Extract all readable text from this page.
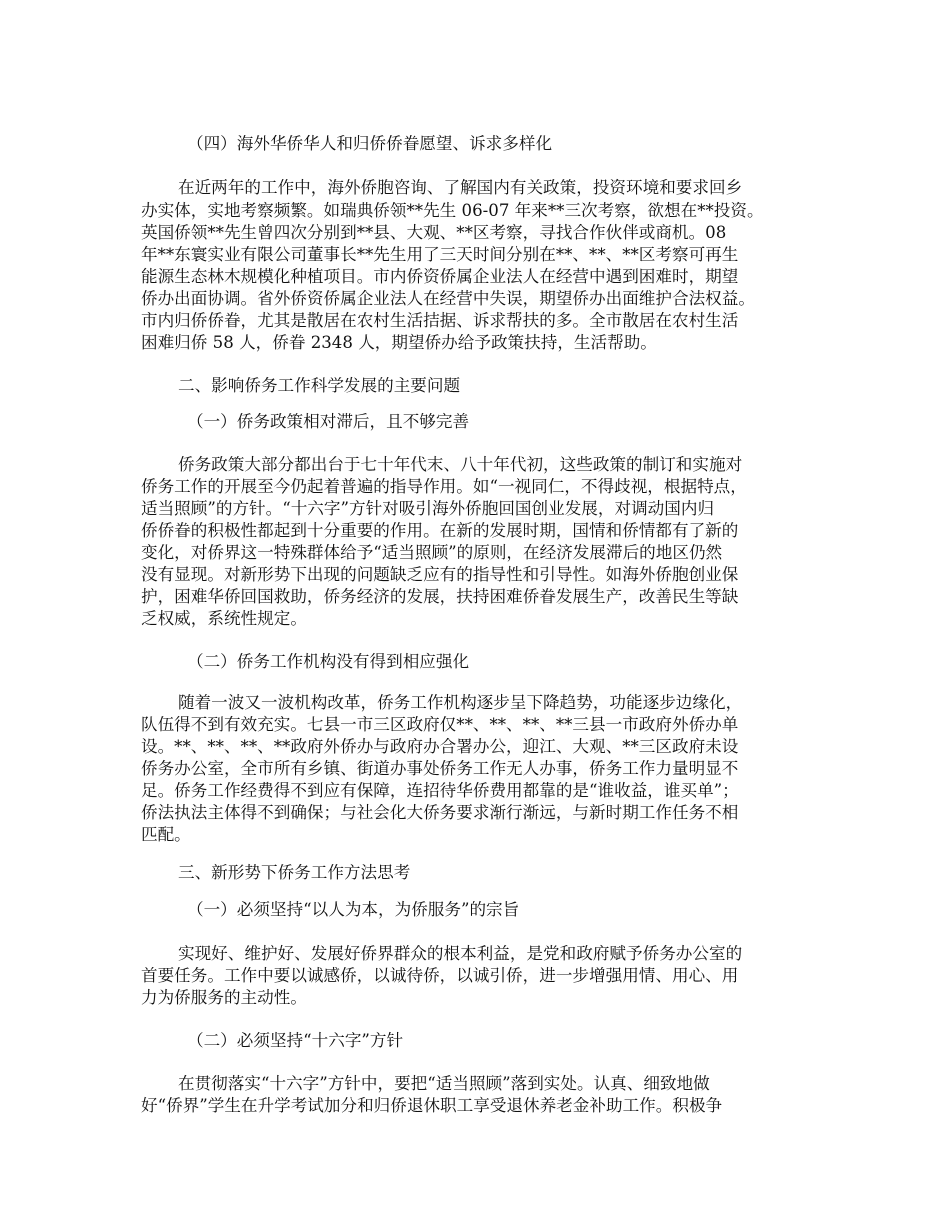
（四）海外华侨华人和归侨侨眷愿望、诉求多样化

在近两年的工作中，海外侨胞咨询、了解国内有关政策，投资环境和要求回乡

办实体，实地考察频繁。如瑞典侨领**先生 06-07 年来**三次考察，欲想在**投资。

英国侨领**先生曾四次分别到**县、大观、**区考察，寻找合作伙伴或商机。08

年**东寰实业有限公司董事长**先生用了三天时间分别在**、**、**区考察可再生

能源生态林木规模化种植项目。市内侨资侨属企业法人在经营中遇到困难时，期望

侨办出面协调。省外侨资侨属企业法人在经营中失误，期望侨办出面维护合法权益。

市内归侨侨眷，尤其是散居在农村生活拮据、诉求帮扶的多。全市散居在农村生活

困难归侨 58 人，侨眷 2348 人，期望侨办给予政策扶持，生活帮助。

二、影响侨务工作科学发展的主要问题

（一）侨务政策相对滞后，且不够完善

侨务政策大部分都出台于七十年代末、八十年代初，这些政策的制订和实施对

侨务工作的开展至今仍起着普遍的指导作用。如“一视同仁，不得歧视，根据特点，

适当照顾”的方针。“十六字”方针对吸引海外侨胞回国创业发展，对调动国内归

侨侨眷的积极性都起到十分重要的作用。在新的发展时期，国情和侨情都有了新的

变化，对侨界这一特殊群体给予“适当照顾”的原则，在经济发展滞后的地区仍然

没有显现。对新形势下出现的问题缺乏应有的指导性和引导性。如海外侨胞创业保

护，困难华侨回国救助，侨务经济的发展，扶持困难侨眷发展生产，改善民生等缺

乏权威，系统性规定。

（二）侨务工作机构没有得到相应强化

随着一波又一波机构改革，侨务工作机构逐步呈下降趋势，功能逐步边缘化，

队伍得不到有效充实。七县一市三区政府仅**、**、**、**三县一市政府外侨办单

设。**、**、**、**政府外侨办与政府办合署办公，迎江、大观、**三区政府未设

侨务办公室，全市所有乡镇、街道办事处侨务工作无人办事，侨务工作力量明显不

足。侨务工作经费得不到应有保障，连招待华侨费用都靠的是“谁收益，谁买单”；

侨法执法主体得不到确保；与社会化大侨务要求渐行渐远，与新时期工作任务不相

匹配。

三、新形势下侨务工作方法思考

（一）必须坚持“以人为本，为侨服务”的宗旨

实现好、维护好、发展好侨界群众的根本利益，是党和政府赋予侨务办公室的

首要任务。工作中要以诚感侨，以诚待侨，以诚引侨，进一步增强用情、用心、用

力为侨服务的主动性。

（二）必须坚持“十六字”方针

在贯彻落实“十六字”方针中，要把“适当照顾”落到实处。认真、细致地做

好“侨界”学生在升学考试加分和归侨退休职工享受退休养老金补助工作。积极争
